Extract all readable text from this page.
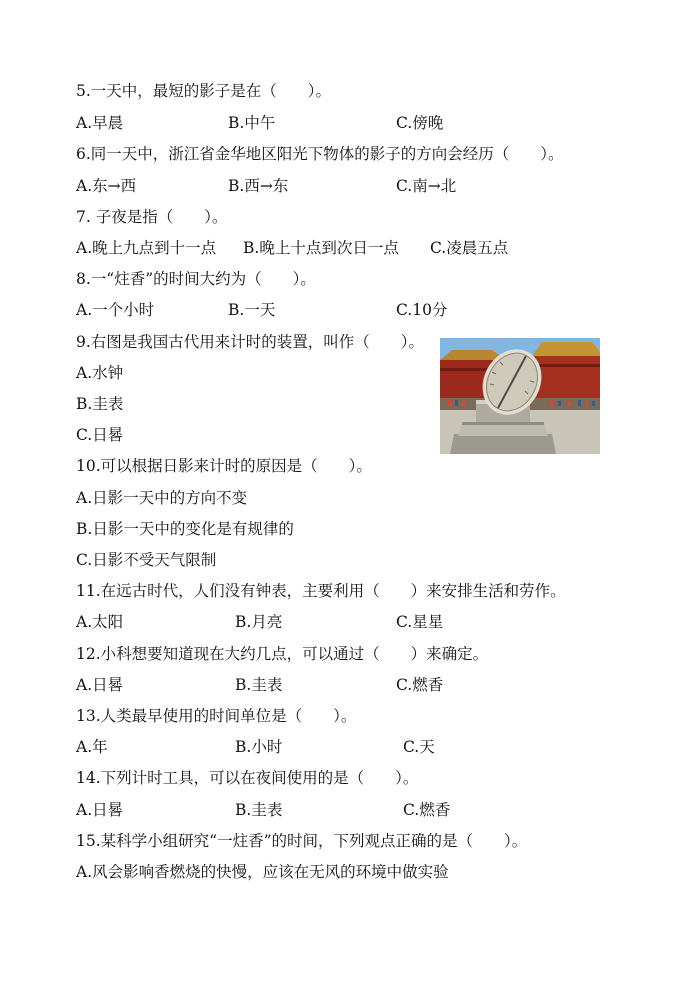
5.一天中，最短的影子是在（　　）。
A.早晨	B.中午	C.傍晚
6.同一天中，浙江省金华地区阳光下物体的影子的方向会经历（　　）。
A.东→西	B.西→东	C.南→北
7. 子夜是指（　　）。
A.晚上九点到十一点 B.晚上十点到次日一点 C.凌晨五点
8.一“炷香”的时间大约为（　　）。
A.一个小时	B.一天	C.10分
9.右图是我国古代用来计时的装置，叫作（　　）。
A.水钟
B.圭表
C.日晷
10.可以根据日影来计时的原因是（　　）。
A.日影一天中的方向不变
B.日影一天中的变化是有规律的
C.日影不受天气限制
11.在远古时代，人们没有钟表，主要利用（　　）来安排生活和劳作。
A.太阳	B.月亮	C.星星
12.小科想要知道现在大约几点，可以通过（　　）来确定。
A.日晷	B.圭表	C.燃香
13.人类最早使用的时间单位是（　　）。
A.年	B.小时	C.天
14.下列计时工具，可以在夜间使用的是（　　）。
A.日晷	B.圭表	C.燃香
15.某科学小组研究“一炷香”的时间，下列观点正确的是（　　）。
A.风会影响香燃烧的快慢，应该在无风的环境中做实验
